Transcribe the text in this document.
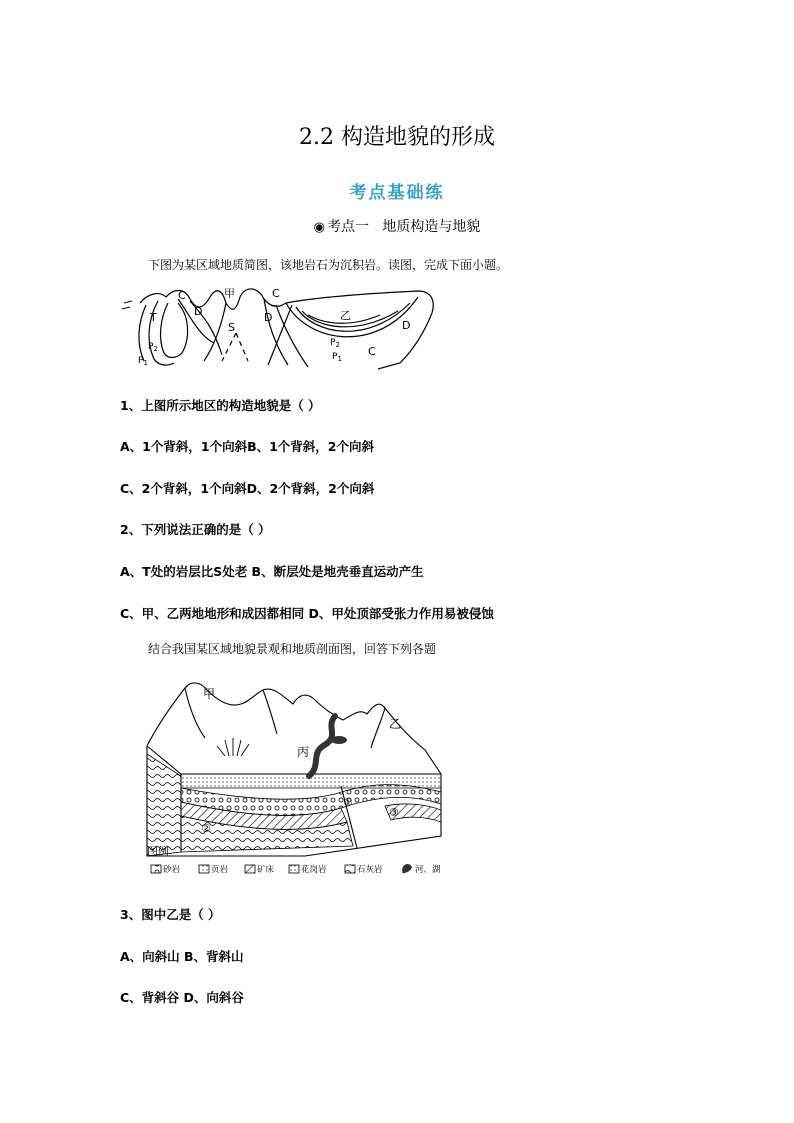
2.2 构造地貌的形成
考点基础练
◉ 考点一 地质构造与地貌
下图为某区域地质简图，该地岩石为沉积岩。读图，完成下面小题。
C	甲	C
乙
D	D
D
T
S
$P_2$
$P_1$
$P_2$
$P_1$
C
1、上图所示地区的构造地貌是（ ）
A、1个背斜，1个向斜B、1个背斜，2个向斜
C、2个背斜，1个向斜D、2个背斜，2个向斜
2、下列说法正确的是（ ）
A、T处的岩层比S处老 B、断层处是地壳垂直运动产生
C、甲、乙两地地形和成因都相同 D、甲处顶部受张力作用易被侵蚀
结合我国某区域地貌景观和地质剖面图，回答下列各题
甲
乙
丙
①
②
③
图例
砂岩	页岩	矿床	花岗岩	石灰岩	河、湖
3、图中乙是（ ）
A、向斜山 B、背斜山
C、背斜谷 D、向斜谷
